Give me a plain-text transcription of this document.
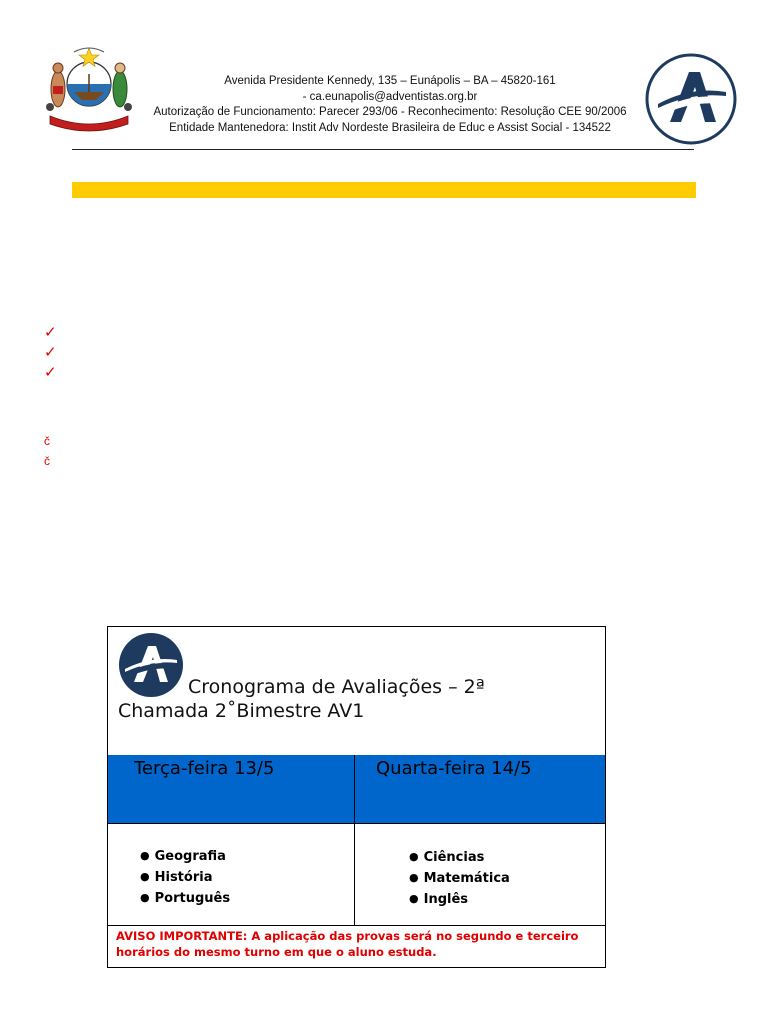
Avenida Presidente Kennedy, 135 – Eunápolis – BA – 45820-161
- ca.eunapolis@adventistas.org.br
Autorização de Funcionamento: Parecer 293/06 - Reconhecimento: Resolução CEE 90/2006
Entidade Mantenedora: Instit Adv Nordeste Brasileira de Educ e Assist Social - 134522
✓
✓
✓
č
č
Cronograma de Avaliações – 2ª
Chamada 2˚Bimestre AV1
Terça-feira 13/5	Quarta-feira 14/5
● Geografia
● História
● Português
● Ciências
● Matemática
● Inglês
AVISO IMPORTANTE: A aplicação das provas será no segundo e terceiro horários do mesmo turno em que o aluno estuda.
